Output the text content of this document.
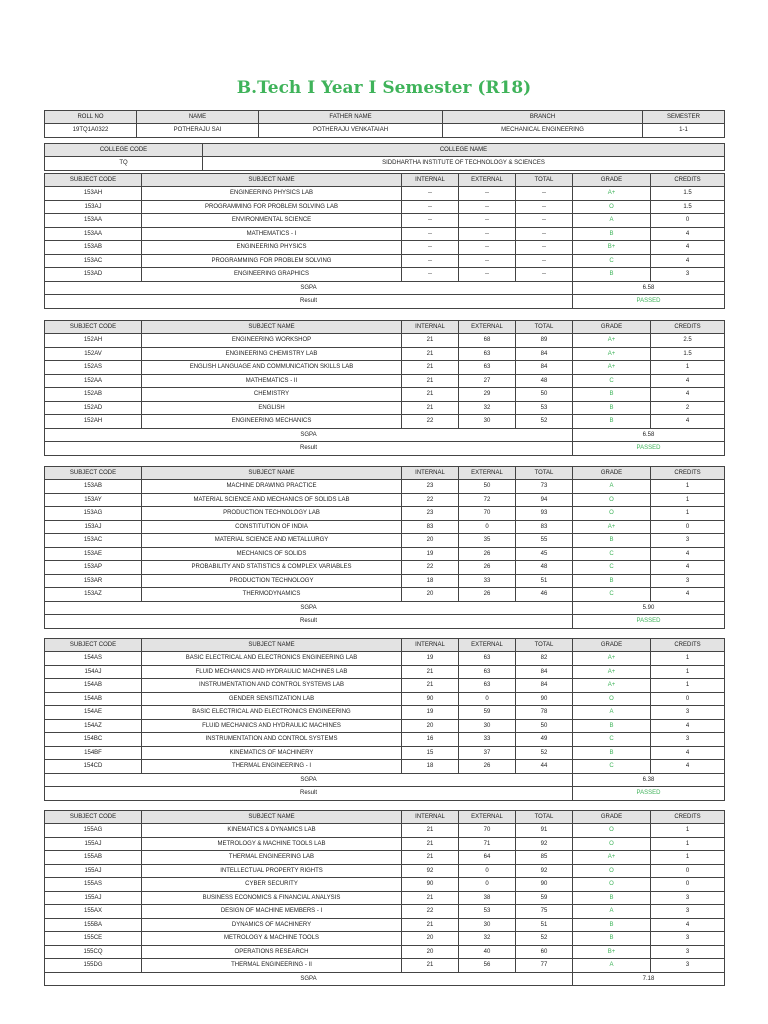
B.Tech I Year I Semester (R18)
ROLL NO	NAME	FATHER NAME	BRANCH	SEMESTER
19TQ1A0322	POTHERAJU SAI	POTHERAJU VENKATAIAH	MECHANICAL ENGINEERING	1-1
COLLEGE CODE	COLLEGE NAME
TQ	SIDDHARTHA INSTITUTE OF TECHNOLOGY & SCIENCES
SUBJECT CODE	SUBJECT NAME	INTERNAL	EXTERNAL	TOTAL	GRADE	CREDITS
153AH	ENGINEERING PHYSICS LAB	--	--	--	A+	1.5
153AJ	PROGRAMMING FOR PROBLEM SOLVING LAB	--	--	--	O	1.5
153AA	ENVIRONMENTAL SCIENCE	--	--	--	A	0
153AA	MATHEMATICS - I	--	--	--	B	4
153AB	ENGINEERING PHYSICS	--	--	--	B+	4
153AC	PROGRAMMING FOR PROBLEM SOLVING	--	--	--	C	4
153AD	ENGINEERING GRAPHICS	--	--	--	B	3
SGPA					6.58	
Result					PASSED	
SUBJECT CODE	SUBJECT NAME	INTERNAL	EXTERNAL	TOTAL	GRADE	CREDITS
152AH	ENGINEERING WORKSHOP	21	68	89	A+	2.5
152AV	ENGINEERING CHEMISTRY LAB	21	63	84	A+	1.5
152AS	ENGLISH LANGUAGE AND COMMUNICATION SKILLS LAB	21	63	84	A+	1
152AA	MATHEMATICS - II	21	27	48	C	4
152AB	CHEMISTRY	21	29	50	B	4
152AD	ENGLISH	21	32	53	B	2
152AH	ENGINEERING MECHANICS	22	30	52	B	4
SGPA					6.58	
Result					PASSED	
SUBJECT CODE	SUBJECT NAME	INTERNAL	EXTERNAL	TOTAL	GRADE	CREDITS
153AB	MACHINE DRAWING PRACTICE	23	50	73	A	1
153AY	MATERIAL SCIENCE AND MECHANICS OF SOLIDS LAB	22	72	94	O	1
153AG	PRODUCTION TECHNOLOGY LAB	23	70	93	O	1
153AJ	CONSTITUTION OF INDIA	83	0	83	A+	0
153AC	MATERIAL SCIENCE AND METALLURGY	20	35	55	B	3
153AE	MECHANICS OF SOLIDS	19	26	45	C	4
153AP	PROBABILITY AND STATISTICS & COMPLEX VARIABLES	22	26	48	C	4
153AR	PRODUCTION TECHNOLOGY	18	33	51	B	3
153AZ	THERMODYNAMICS	20	26	46	C	4
SGPA					5.90	
Result					PASSED	
SUBJECT CODE	SUBJECT NAME	INTERNAL	EXTERNAL	TOTAL	GRADE	CREDITS
154AS	BASIC ELECTRICAL AND ELECTRONICS ENGINEERING LAB	19	63	82	A+	1
154AJ	FLUID MECHANICS AND HYDRAULIC MACHINES LAB	21	63	84	A+	1
154AB	INSTRUMENTATION AND CONTROL SYSTEMS LAB	21	63	84	A+	1
154AB	GENDER SENSITIZATION LAB	90	0	90	O	0
154AE	BASIC ELECTRICAL AND ELECTRONICS ENGINEERING	19	59	78	A	3
154AZ	FLUID MECHANICS AND HYDRAULIC MACHINES	20	30	50	B	4
154BC	INSTRUMENTATION AND CONTROL SYSTEMS	16	33	49	C	3
154BF	KINEMATICS OF MACHINERY	15	37	52	B	4
154CD	THERMAL ENGINEERING - I	18	26	44	C	4
SGPA					6.38	
Result					PASSED	
SUBJECT CODE	SUBJECT NAME	INTERNAL	EXTERNAL	TOTAL	GRADE	CREDITS
155AG	KINEMATICS & DYNAMICS LAB	21	70	91	O	1
155AJ	METROLOGY & MACHINE TOOLS LAB	21	71	92	O	1
155AB	THERMAL ENGINEERING LAB	21	64	85	A+	1
155AJ	INTELLECTUAL PROPERTY RIGHTS	92	0	92	O	0
155AS	CYBER SECURITY	90	0	90	O	0
155AJ	BUSINESS ECONOMICS & FINANCIAL ANALYSIS	21	38	59	B	3
155AX	DESIGN OF MACHINE MEMBERS - I	22	53	75	A	3
155BA	DYNAMICS OF MACHINERY	21	30	51	B	4
155CE	METROLOGY & MACHINE TOOLS	20	32	52	B	3
155CQ	OPERATIONS RESEARCH	20	40	60	B+	3
155DG	THERMAL ENGINEERING - II	21	56	77	A	3
SGPA					7.18	
